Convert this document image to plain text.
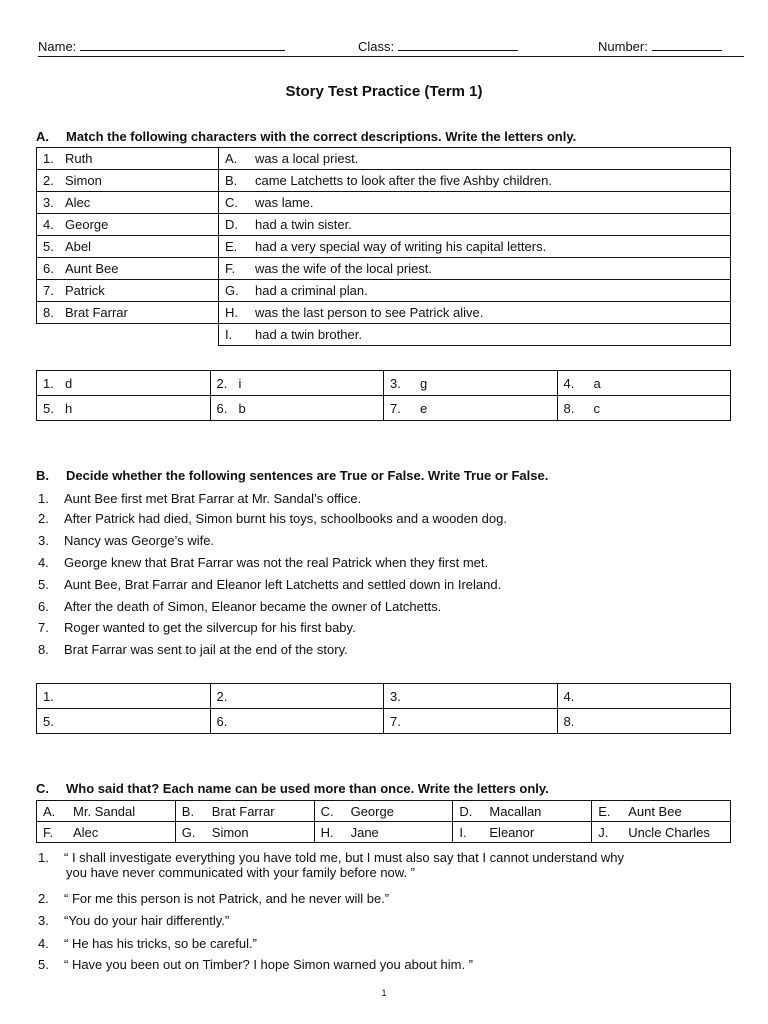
Name:	Class:	Number:
Story Test Practice (Term 1)
A. Match the following characters with the correct descriptions. Write the letters only.
1. Ruth	A. was a local priest.
2. Simon	B. came Latchetts to look after the five Ashby children.
3. Alec	C. was lame.
4. George	D. had a twin sister.
5. Abel	E. had a very special way of writing his capital letters.
6. Aunt Bee	F. was the wife of the local priest.
7. Patrick	G. had a criminal plan.
8. Brat Farrar	H. was the last person to see Patrick alive.
	I. had a twin brother.
1. d	2. i	3. g	4. a
5. h	6. b	7. e	8. c
B. Decide whether the following sentences are True or False. Write True or False.
1. Aunt Bee first met Brat Farrar at Mr. Sandal’s office.
2. After Patrick had died, Simon burnt his toys, schoolbooks and a wooden dog.
3. Nancy was George’s wife.
4. George knew that Brat Farrar was not the real Patrick when they first met.
5. Aunt Bee, Brat Farrar and Eleanor left Latchetts and settled down in Ireland.
6. After the death of Simon, Eleanor became the owner of Latchetts.
7. Roger wanted to get the silvercup for his first baby.
8. Brat Farrar was sent to jail at the end of the story.
1.	2.	3.	4.
5.	6.	7.	8.
C. Who said that? Each name can be used more than once. Write the letters only.
A. Mr. Sandal	B. Brat Farrar	C. George	D. Macallan	E. Aunt Bee
F. Alec	G. Simon	H. Jane	I. Eleanor	J. Uncle Charles
1. “ I shall investigate everything you have told me, but I must also say that I cannot understand why
you have never communicated with your family before now. ”
2. “ For me this person is not Patrick, and he never will be.”
3. “You do your hair differently.”
4. “ He has his tricks, so be careful.”
5. “ Have you been out on Timber? I hope Simon warned you about him. ”
1
